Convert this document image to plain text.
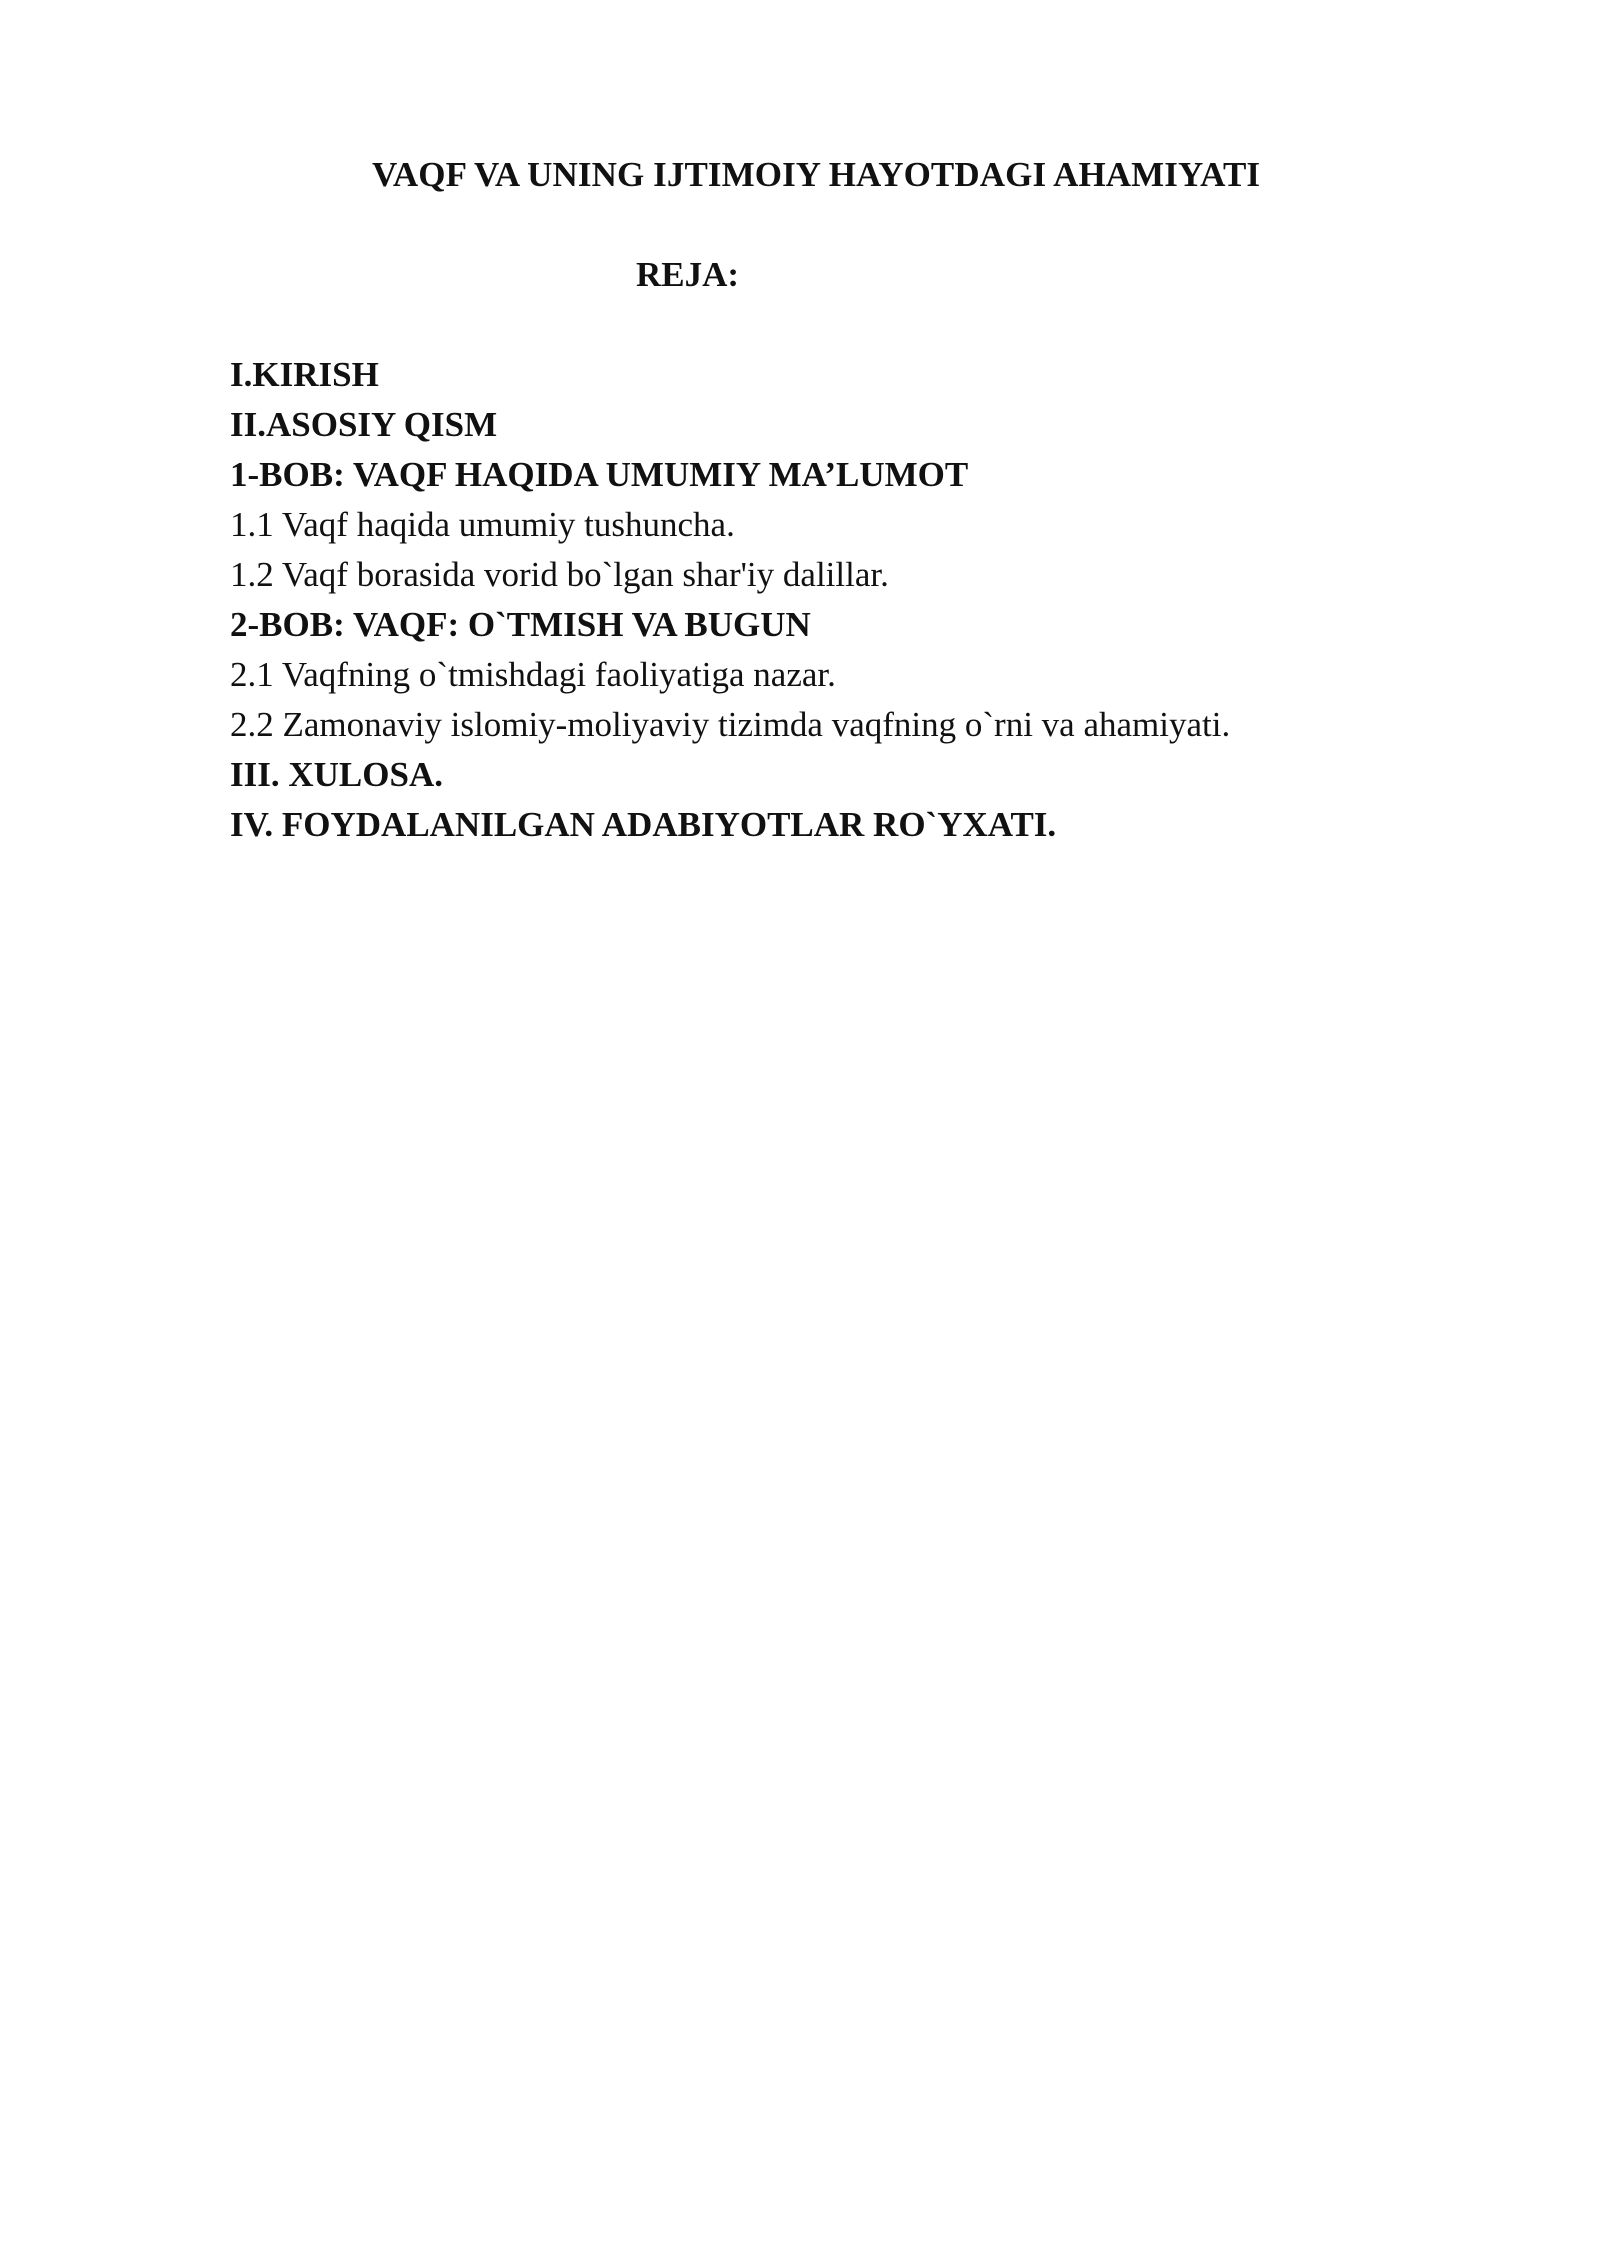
VAQF VA UNING IJTIMOIY HAYOTDAGI AHAMIYATI
REJA:
I.KIRISH
II.ASOSIY QISM
1-BOB: VAQF HAQIDA UMUMIY MA’LUMOT
1.1 Vaqf haqida umumiy tushuncha.
1.2 Vaqf borasida vorid bo`lgan shar'iy dalillar.
2-BOB: VAQF: O`TMISH VA BUGUN
2.1 Vaqfning o`tmishdagi faoliyatiga nazar.
2.2 Zamonaviy islomiy-moliyaviy tizimda vaqfning o`rni va ahamiyati.
III. XULOSA.
IV. FOYDALANILGAN ADABIYOTLAR RO`YXATI.
